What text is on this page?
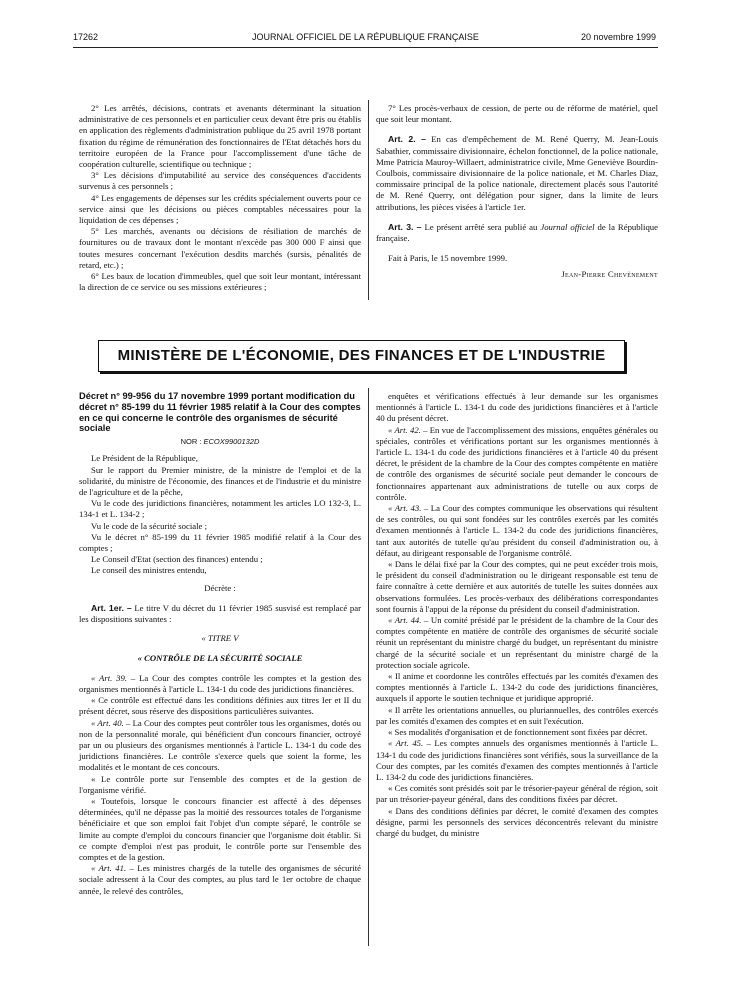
17262	JOURNAL OFFICIEL DE LA RÉPUBLIQUE FRANÇAISE	20 novembre 1999

2° Les arrêtés, décisions, contrats et avenants déterminant la situation administrative de ces personnels et en particulier ceux devant être pris ou établis en application des règlements d'administration publique du 25 avril 1978 portant fixation du régime de rémunération des fonctionnaires de l'Etat détachés hors du territoire européen de la France pour l'accomplissement d'une tâche de coopération culturelle, scientifique ou technique ;

3° Les décisions d'imputabilité au service des conséquences d'accidents survenus à ces personnels ;

4° Les engagements de dépenses sur les crédits spécialement ouverts pour ce service ainsi que les décisions ou pièces comptables nécessaires pour la liquidation de ces dépenses ;

5° Les marchés, avenants ou décisions de résiliation de marchés de fournitures ou de travaux dont le montant n'excède pas 300 000 F ainsi que toutes mesures concernant l'exécution desdits marchés (sursis, pénalités de retard, etc.) ;

6° Les baux de location d'immeubles, quel que soit leur montant, intéressant la direction de ce service ou ses missions extérieures ;

7° Les procès-verbaux de cession, de perte ou de réforme de matériel, quel que soit leur montant.

Art. 2. – En cas d'empêchement de M. René Querry, M. Jean-Louis Sabathier, commissaire divisionnaire, échelon fonctionnel, de la police nationale, Mme Patricia Mauroy-Willaert, administratrice civile, Mme Geneviève Bourdin-Coulbois, commissaire divisionnaire de la police nationale, et M. Charles Diaz, commissaire principal de la police nationale, directement placés sous l'autorité de M. René Querry, ont délégation pour signer, dans la limite de leurs attributions, les pièces visées à l'article 1er.

Art. 3. – Le présent arrêté sera publié au Journal officiel de la République française.

Fait à Paris, le 15 novembre 1999.

Jean-Pierre Chevènement

MINISTÈRE DE L'ÉCONOMIE, DES FINANCES ET DE L'INDUSTRIE

Décret n° 99-956 du 17 novembre 1999 portant modification du décret n° 85-199 du 11 février 1985 relatif à la Cour des comptes en ce qui concerne le contrôle des organismes de sécurité sociale

NOR : ECOX9900132D

Le Président de la République,

Sur le rapport du Premier ministre, de la ministre de l'emploi et de la solidarité, du ministre de l'économie, des finances et de l'industrie et du ministre de l'agriculture et de la pêche,

Vu le code des juridictions financières, notamment les articles LO 132-3, L. 134-1 et L. 134-2 ;

Vu le code de la sécurité sociale ;

Vu le décret n° 85-199 du 11 février 1985 modifié relatif à la Cour des comptes ;

Le Conseil d'Etat (section des finances) entendu ;

Le conseil des ministres entendu,

Décrète :

Art. 1er. – Le titre V du décret du 11 février 1985 susvisé est remplacé par les dispositions suivantes :

« TITRE V

« CONTRÔLE DE LA SÉCURITÉ SOCIALE

« Art. 39. – La Cour des comptes contrôle les comptes et la gestion des organismes mentionnés à l'article L. 134-1 du code des juridictions financières.

« Ce contrôle est effectué dans les conditions définies aux titres Ier et II du présent décret, sous réserve des dispositions particulières suivantes.

« Art. 40. – La Cour des comptes peut contrôler tous les organismes, dotés ou non de la personnalité morale, qui bénéficient d'un concours financier, octroyé par un ou plusieurs des organismes mentionnés à l'article L. 134-1 du code des juridictions financières. Le contrôle s'exerce quels que soient la forme, les modalités et le montant de ces concours.

« Le contrôle porte sur l'ensemble des comptes et de la gestion de l'organisme vérifié.

« Toutefois, lorsque le concours financier est affecté à des dépenses déterminées, qu'il ne dépasse pas la moitié des ressources totales de l'organisme bénéficiaire et que son emploi fait l'objet d'un compte séparé, le contrôle se limite au compte d'emploi du concours financier que l'organisme doit établir. Si ce compte d'emploi n'est pas produit, le contrôle porte sur l'ensemble des comptes et de la gestion.

« Art. 41. – Les ministres chargés de la tutelle des organismes de sécurité sociale adressent à la Cour des comptes, au plus tard le 1er octobre de chaque année, le relevé des contrôles,

enquêtes et vérifications effectués à leur demande sur les organismes mentionnés à l'article L. 134-1 du code des juridictions financières et à l'article 40 du présent décret.

« Art. 42. – En vue de l'accomplissement des missions, enquêtes générales ou spéciales, contrôles et vérifications portant sur les organismes mentionnés à l'article L. 134-1 du code des juridictions financières et à l'article 40 du présent décret, le président de la chambre de la Cour des comptes compétente en matière de contrôle des organismes de sécurité sociale peut demander le concours de fonctionnaires appartenant aux administrations de tutelle ou aux corps de contrôle.

« Art. 43. – La Cour des comptes communique les observations qui résultent de ses contrôles, ou qui sont fondées sur les contrôles exercés par les comités d'examen mentionnés à l'article L. 134-2 du code des juridictions financières, tant aux autorités de tutelle qu'au président du conseil d'administration ou, à défaut, au dirigeant responsable de l'organisme contrôlé.

« Dans le délai fixé par la Cour des comptes, qui ne peut excéder trois mois, le président du conseil d'administration ou le dirigeant responsable est tenu de faire connaître à cette dernière et aux autorités de tutelle les suites données aux observations formulées. Les procès-verbaux des délibérations correspondantes sont fournis à l'appui de la réponse du président du conseil d'administration.

« Art. 44. – Un comité présidé par le président de la chambre de la Cour des comptes compétente en matière de contrôle des organismes de sécurité sociale réunit un représentant du ministre chargé du budget, un représentant du ministre chargé de la sécurité sociale et un représentant du ministre chargé de la protection sociale agricole.

« Il anime et coordonne les contrôles effectués par les comités d'examen des comptes mentionnés à l'article L. 134-2 du code des juridictions financières, auxquels il apporte le soutien technique et juridique approprié.

« Il arrête les orientations annuelles, ou pluriannuelles, des contrôles exercés par les comités d'examen des comptes et en suit l'exécution.

« Ses modalités d'organisation et de fonctionnement sont fixées par décret.

« Art. 45. – Les comptes annuels des organismes mentionnés à l'article L. 134-1 du code des juridictions financières sont vérifiés, sous la surveillance de la Cour des comptes, par les comités d'examen des comptes mentionnés à l'article L. 134-2 du code des juridictions financières.

« Ces comités sont présidés soit par le trésorier-payeur général de région, soit par un trésorier-payeur général, dans des conditions fixées par décret.

« Dans des conditions définies par décret, le comité d'examen des comptes désigne, parmi les personnels des services déconcentrés relevant du ministre chargé du budget, du ministre
